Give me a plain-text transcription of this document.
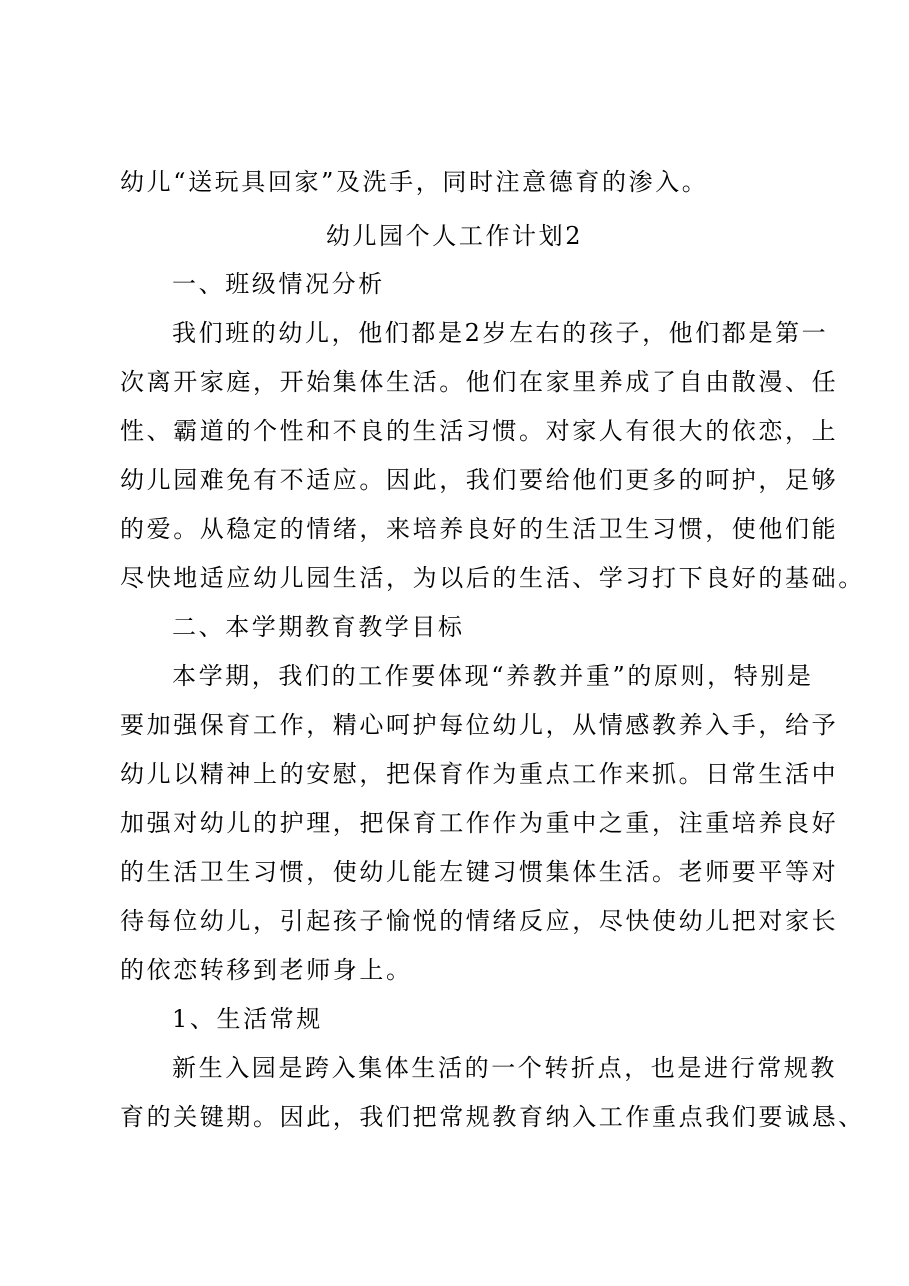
幼儿“送玩具回家”及洗手，同时注意德育的渗入。
幼儿园个人工作计划2
一、班级情况分析
我们班的幼儿，他们都是2岁左右的孩子，他们都是第一
次离开家庭，开始集体生活。他们在家里养成了自由散漫、任
性、霸道的个性和不良的生活习惯。对家人有很大的依恋，上
幼儿园难免有不适应。因此，我们要给他们更多的呵护，足够
的爱。从稳定的情绪，来培养良好的生活卫生习惯，使他们能
尽快地适应幼儿园生活，为以后的生活、学习打下良好的基础。
二、本学期教育教学目标
本学期，我们的工作要体现“养教并重”的原则，特别是
要加强保育工作，精心呵护每位幼儿，从情感教养入手，给予
幼儿以精神上的安慰，把保育作为重点工作来抓。日常生活中
加强对幼儿的护理，把保育工作作为重中之重，注重培养良好
的生活卫生习惯，使幼儿能左键习惯集体生活。老师要平等对
待每位幼儿，引起孩子愉悦的情绪反应，尽快使幼儿把对家长
的依恋转移到老师身上。
1、生活常规
新生入园是跨入集体生活的一个转折点，也是进行常规教
育的关键期。因此，我们把常规教育纳入工作重点我们要诚恳、
